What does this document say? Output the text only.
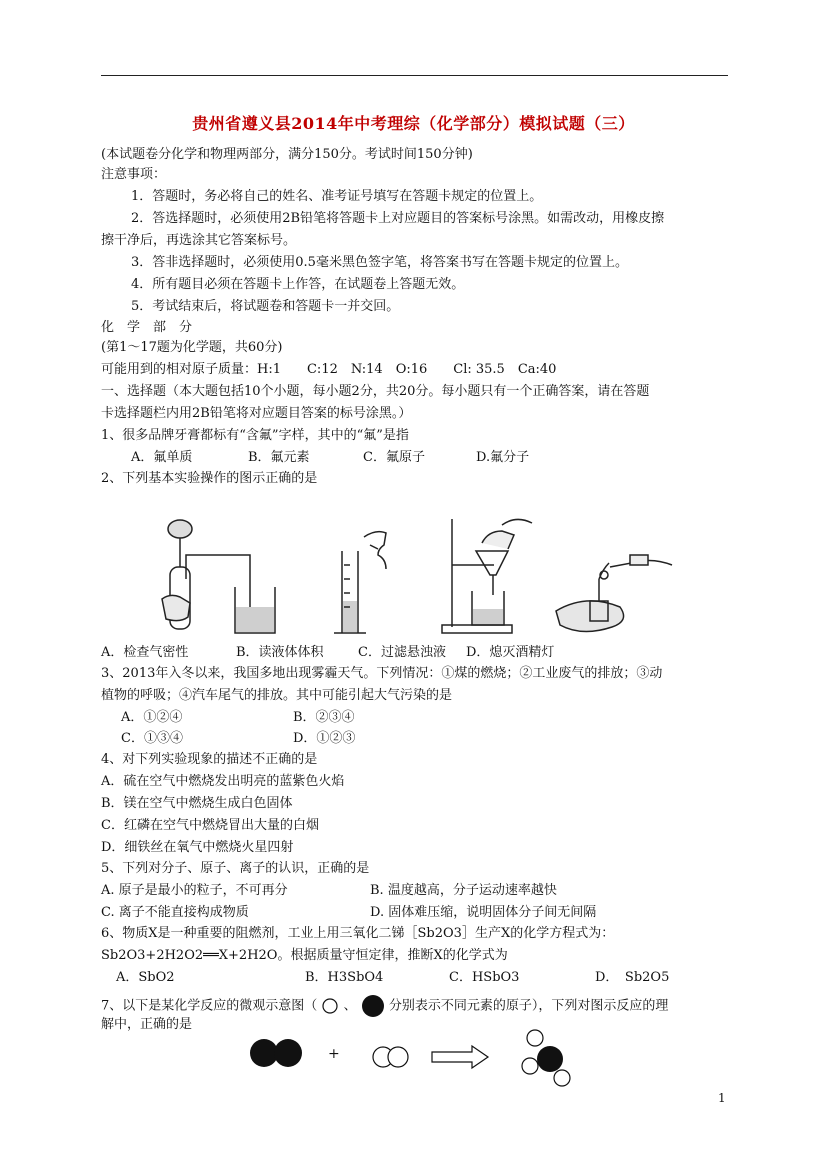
贵州省遵义县2014年中考理综（化学部分）模拟试题（三）
(本试题卷分化学和物理两部分，满分150分。考试时间150分钟)
注意事项：
1．答题时，务必将自己的姓名、准考证号填写在答题卡规定的位置上。
2．答选择题时，必须使用2B铅笔将答题卡上对应题目的答案标号涂黑。如需改动，用橡皮擦
擦干净后，再选涂其它答案标号。
3．答非选择题时，必须使用0.5毫米黑色签字笔，将答案书写在答题卡规定的位置上。
4．所有题目必须在答题卡上作答，在试题卷上答题无效。
5．考试结束后，将试题卷和答题卡一并交回。
化　学　部　分
(第1～17题为化学题，共60分)
可能用到的相对原子质量：H:1　　C:12　N:14　O:16　　Cl: 35.5　Ca:40
一、选择题（本大题包括10个小题，每小题2分，共20分。每小题只有一个正确答案，请在答题
卡选择题栏内用2B铅笔将对应题目答案的标号涂黑。）
1、很多品牌牙膏都标有“含氟”字样，其中的“氟”是指
A．氟单质	B．氟元素	C．氟原子	D.氟分子
2、下列基本实验操作的图示正确的是
A．检查气密性	B．读液体体积	C．过滤悬浊液 D．熄灭酒精灯
3、2013年入冬以来，我国多地出现雾霾天气。下列情况：①煤的燃烧；②工业废气的排放；③动
植物的呼吸；④汽车尾气的排放。其中可能引起大气污染的是
A．①②④	B．②③④
C．①③④	D．①②③
4、对下列实验现象的描述不正确的是
A．硫在空气中燃烧发出明亮的蓝紫色火焰
B．镁在空气中燃烧生成白色固体
C．红磷在空气中燃烧冒出大量的白烟
D．细铁丝在氧气中燃烧火星四射
5、下列对分子、原子、离子的认识，正确的是
A. 原子是最小的粒子，不可再分	B. 温度越高，分子运动速率越快
C. 离子不能直接构成物质	D. 固体难压缩，说明固体分子间无间隔
6、物质X是一种重要的阻燃剂，工业上用三氧化二锑［Sb2O3］生产X的化学方程式为：
Sb2O3+2H2O2══X+2H2O。根据质量守恒定律，推断X的化学式为
A．SbO2	B．H3SbO4	C．HSbO3	D．　Sb2O5
7、以下是某化学反应的微观示意图（ 、 分别表示不同元素的原子），下列对图示反应的理
解中，正确的是
+
1
